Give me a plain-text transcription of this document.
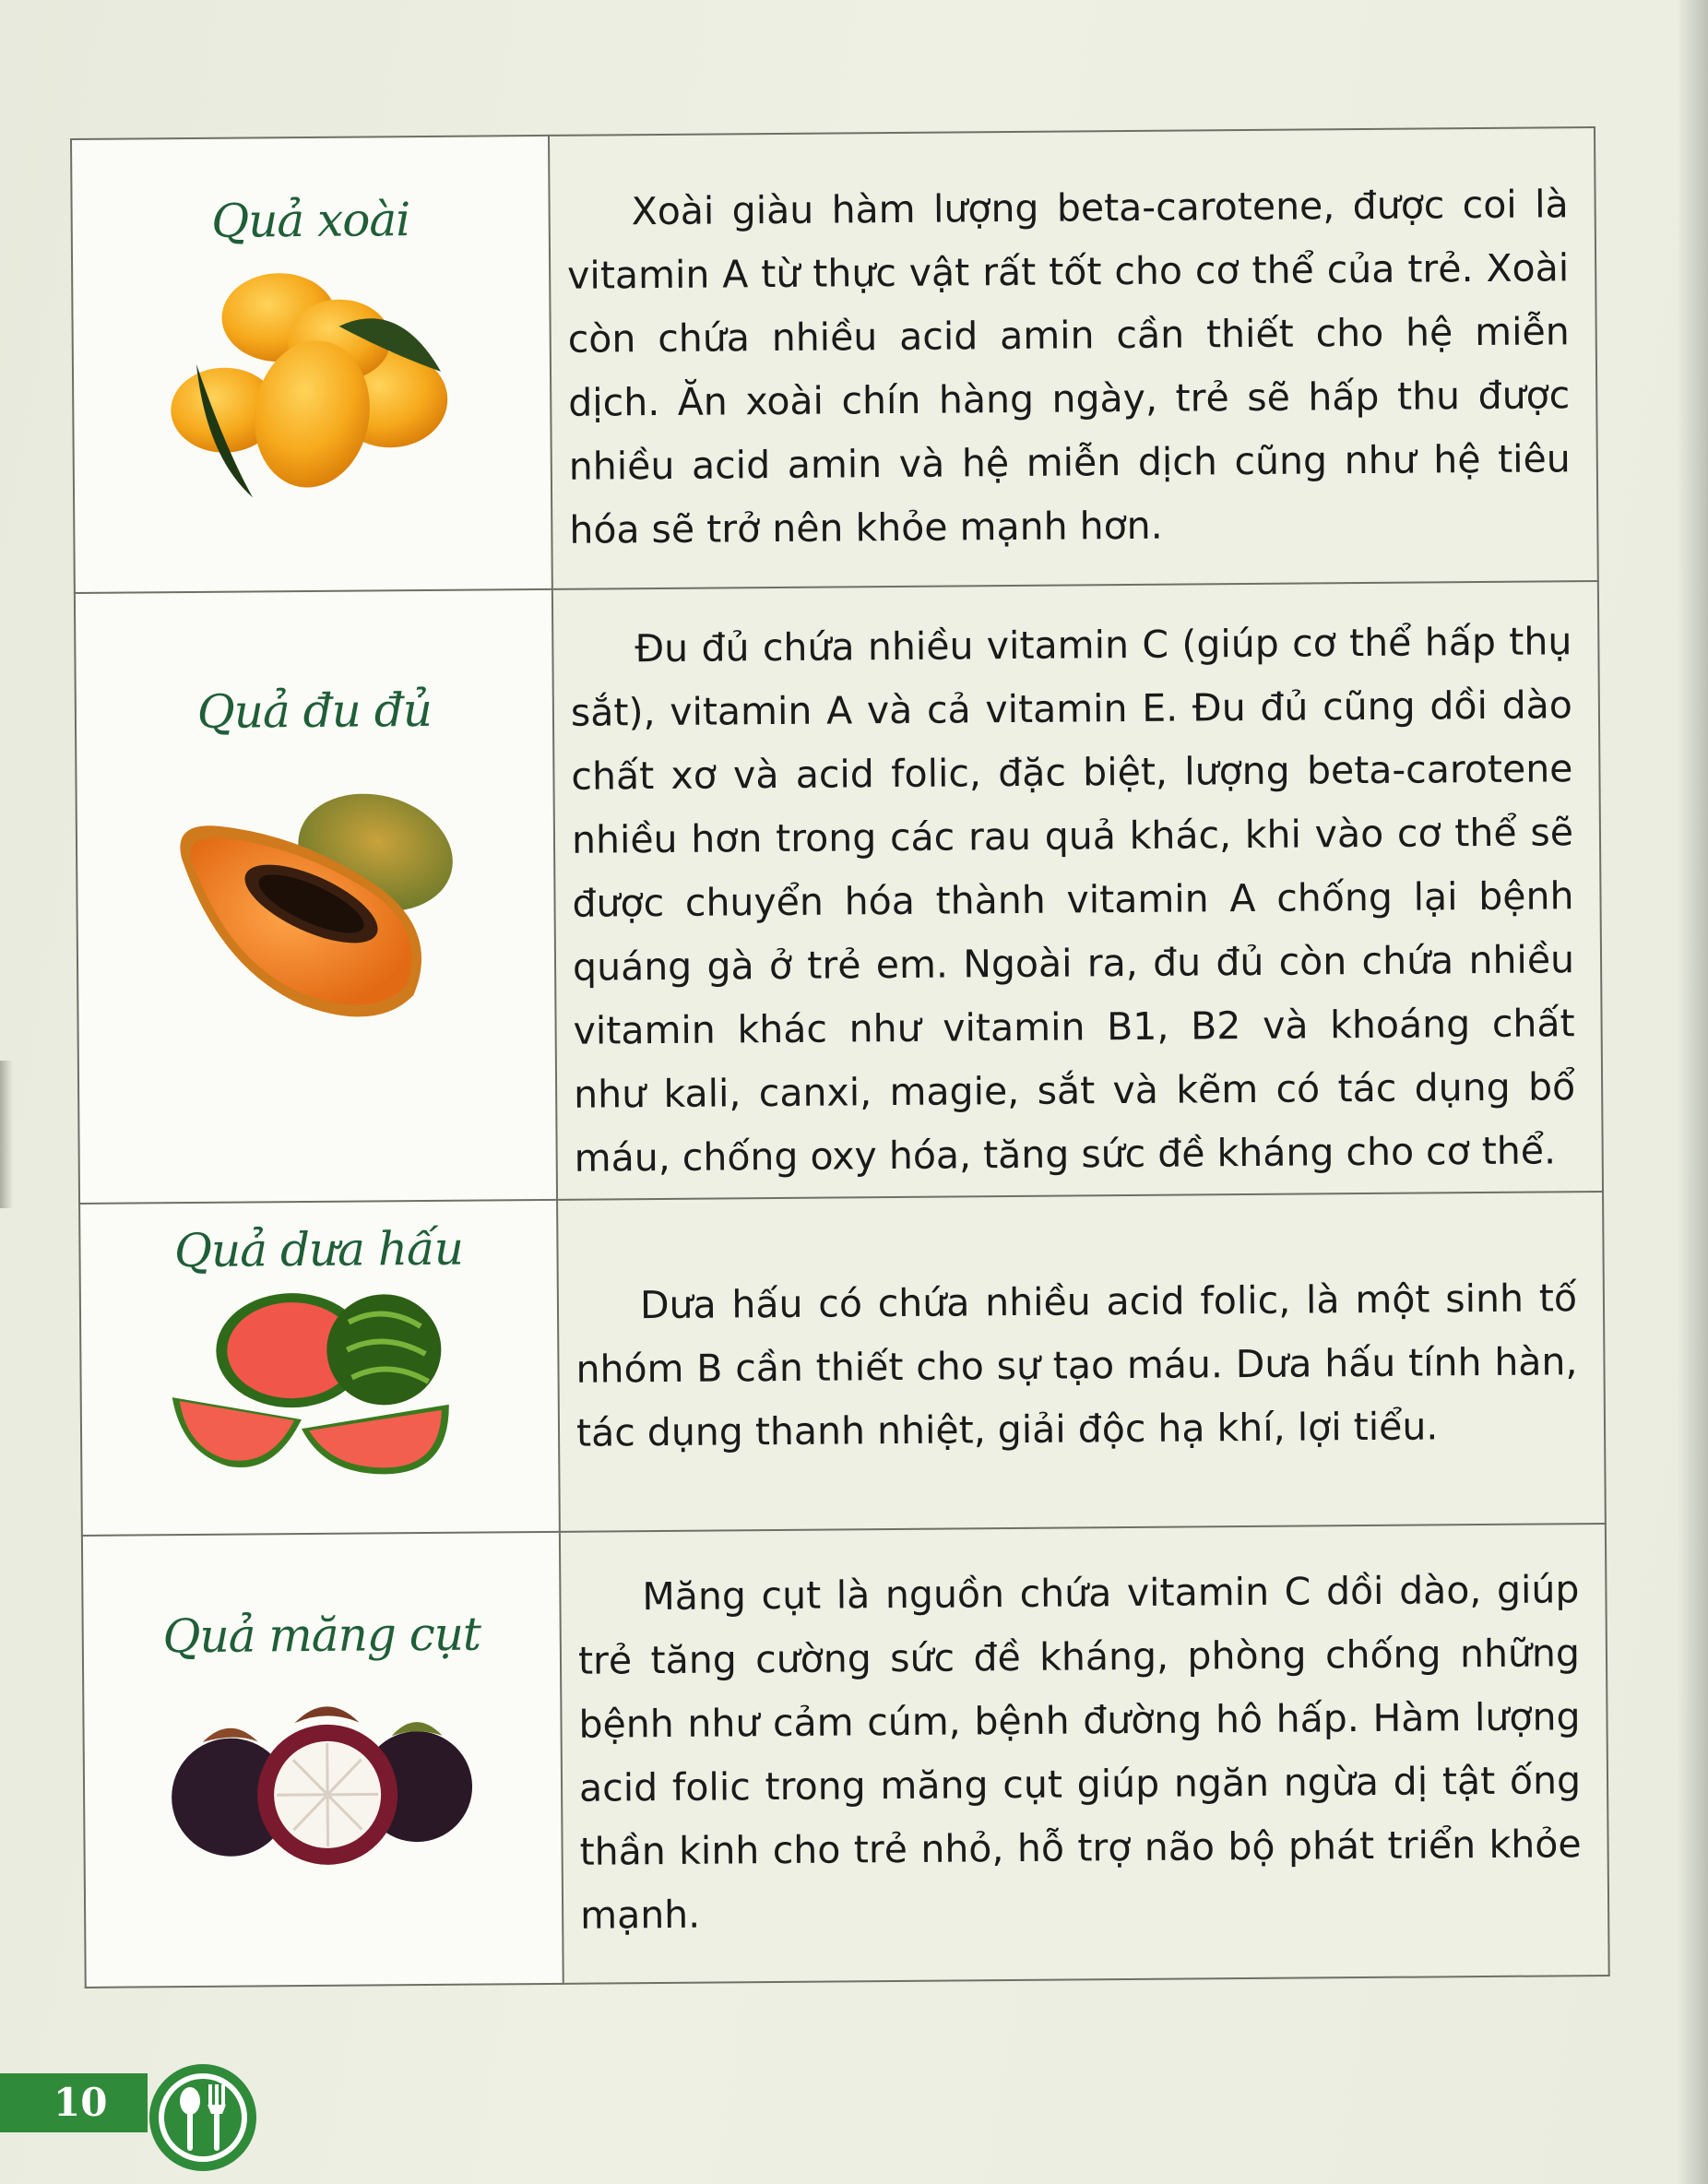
Quả xoài	Xoài giàu hàm lượng beta-carotene, được coi là vitamin A từ thực vật rất tốt cho cơ thể của trẻ. Xoài còn chứa nhiều acid amin cần thiết cho hệ miễn dịch. Ăn xoài chín hàng ngày, trẻ sẽ hấp thu được nhiều acid amin và hệ miễn dịch cũng như hệ tiêu hóa sẽ trở nên khỏe mạnh hơn.

Quả đu đủ	Đu đủ chứa nhiều vitamin C (giúp cơ thể hấp thụ sắt), vitamin A và cả vitamin E. Đu đủ cũng dồi dào chất xơ và acid folic, đặc biệt, lượng beta-carotene nhiều hơn trong các rau quả khác, khi vào cơ thể sẽ được chuyển hóa thành vitamin A chống lại bệnh quáng gà ở trẻ em. Ngoài ra, đu đủ còn chứa nhiều vitamin khác như vitamin B1, B2 và khoáng chất như kali, canxi, magie, sắt và kẽm có tác dụng bổ máu, chống oxy hóa, tăng sức đề kháng cho cơ thể.

Quả dưa hấu	Dưa hấu có chứa nhiều acid folic, là một sinh tố nhóm B cần thiết cho sự tạo máu. Dưa hấu tính hàn, tác dụng thanh nhiệt, giải độc hạ khí, lợi tiểu.

Quả măng cụt	Măng cụt là nguồn chứa vitamin C dồi dào, giúp trẻ tăng cường sức đề kháng, phòng chống những bệnh như cảm cúm, bệnh đường hô hấp. Hàm lượng acid folic trong măng cụt giúp ngăn ngừa dị tật ống thần kinh cho trẻ nhỏ, hỗ trợ não bộ phát triển khỏe mạnh.

10
